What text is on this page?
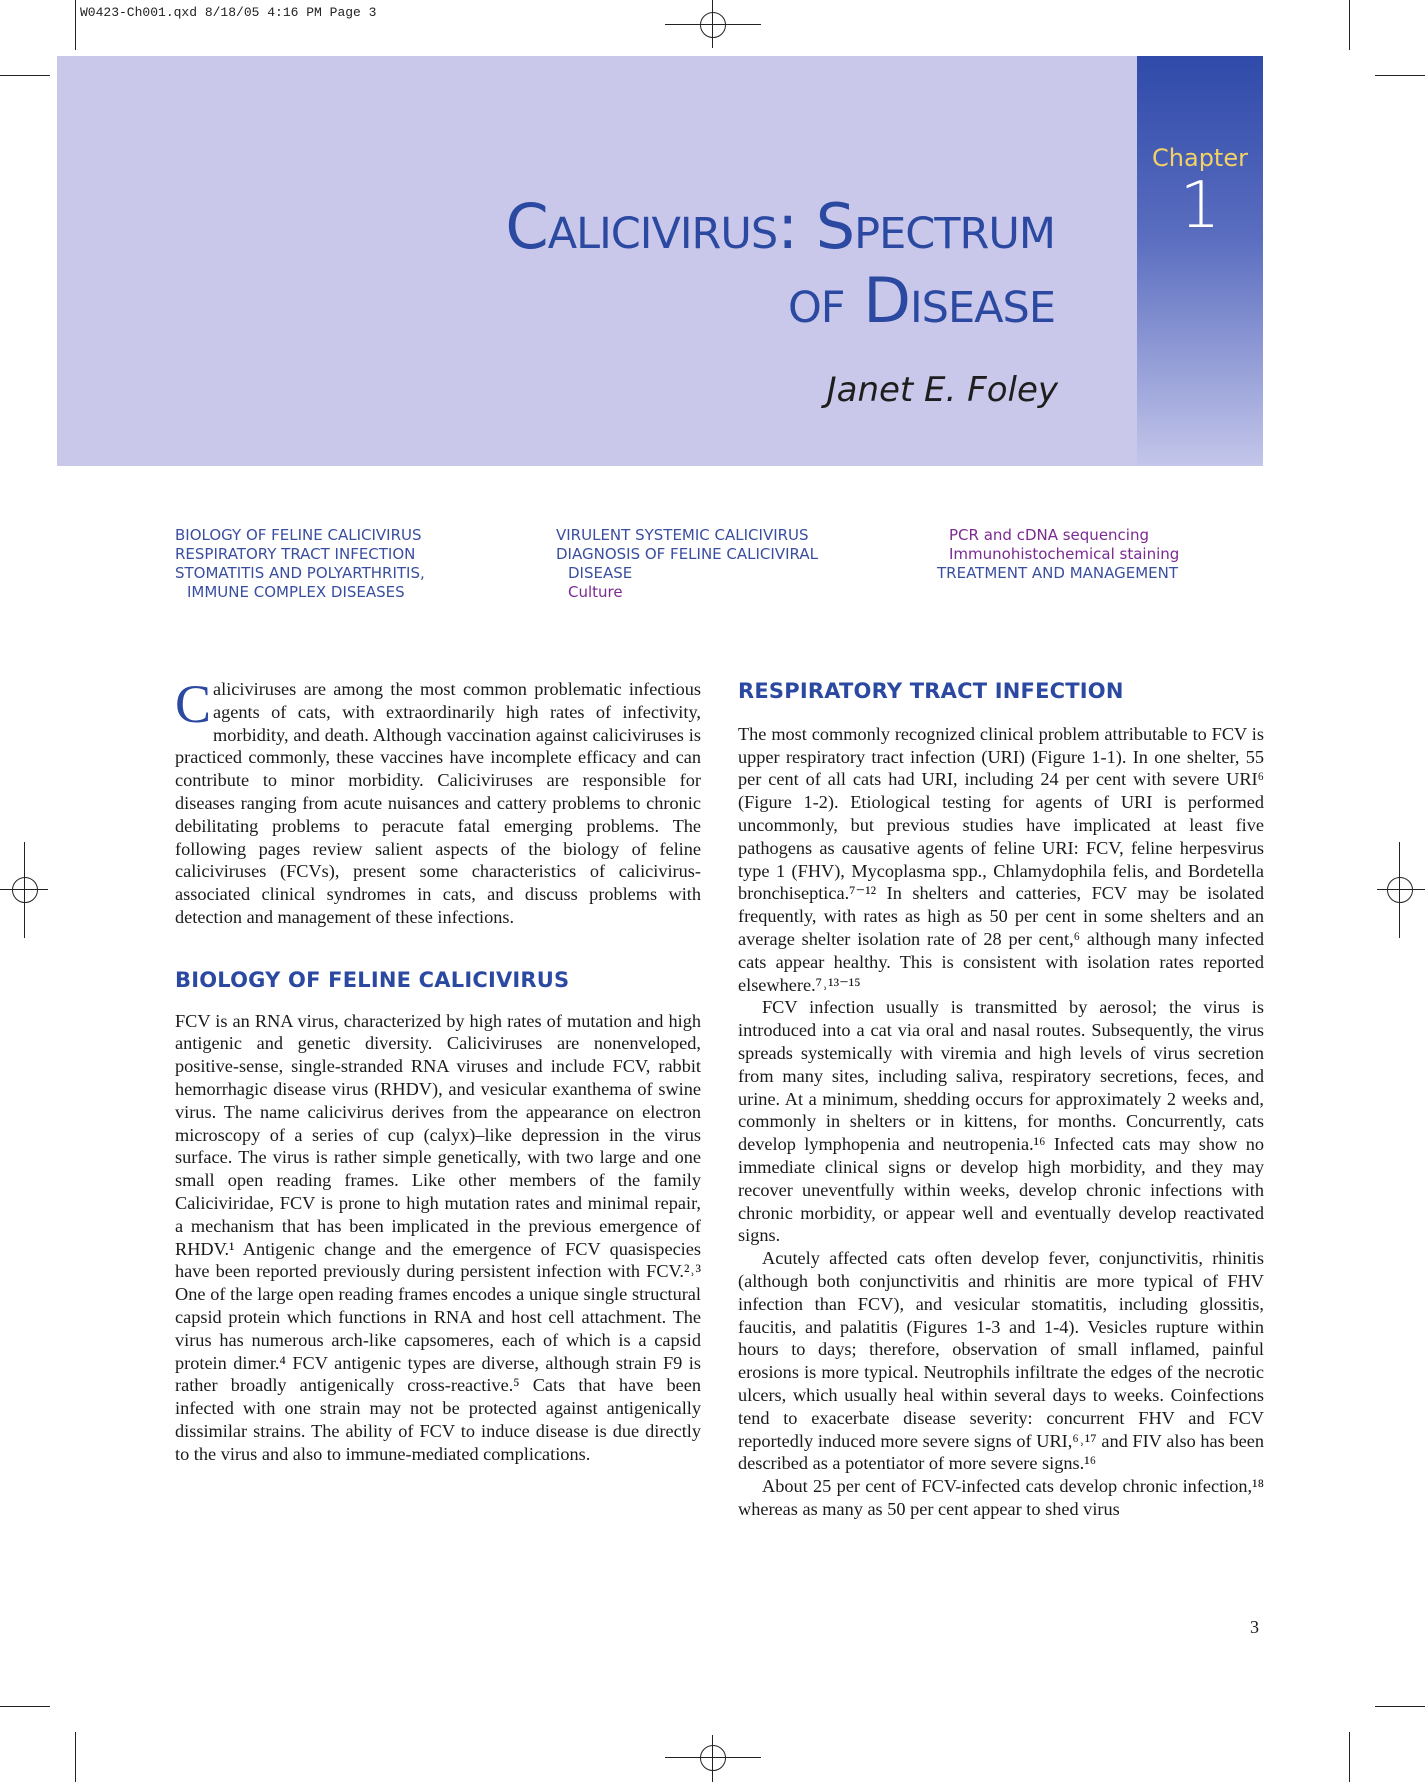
W0423-Ch001.qxd 8/18/05 4:16 PM Page 3
Chapter
1
Calicivirus: Spectrum
of Disease
Janet E. Foley
BIOLOGY OF FELINE CALICIVIRUS
RESPIRATORY TRACT INFECTION
STOMATITIS AND POLYARTHRITIS,
IMMUNE COMPLEX DISEASES
VIRULENT SYSTEMIC CALICIVIRUS
DIAGNOSIS OF FELINE CALICIVIRAL
DISEASE
Culture
PCR and cDNA sequencing
Immunohistochemical staining
TREATMENT AND MANAGEMENT

Caliciviruses are among the most common problematic infectious agents of cats, with extraordinarily high rates of infectivity, morbidity, and death. Although vaccination against caliciviruses is practiced commonly, these vaccines have incomplete efficacy and can contribute to minor morbidity. Caliciviruses are responsible for diseases ranging from acute nuisances and cattery problems to chronic debilitating problems to peracute fatal emerging problems. The following pages review salient aspects of the biology of feline caliciviruses (FCVs), present some characteristics of calicivirus-associated clinical syndromes in cats, and discuss problems with detection and management of these infections.

BIOLOGY OF FELINE CALICIVIRUS

FCV is an RNA virus, characterized by high rates of mutation and high antigenic and genetic diversity. Caliciviruses are nonenveloped, positive-sense, single-stranded RNA viruses and include FCV, rabbit hemorrhagic disease virus (RHDV), and vesicular exanthema of swine virus. The name calicivirus derives from the appearance on electron microscopy of a series of cup (calyx)–like depression in the virus surface. The virus is rather simple genetically, with two large and one small open reading frames. Like other members of the family Caliciviridae, FCV is prone to high mutation rates and minimal repair, a mechanism that has been implicated in the previous emergence of RHDV.¹ Antigenic change and the emergence of FCV quasispecies have been reported previously during persistent infection with FCV.²˒³ One of the large open reading frames encodes a unique single structural capsid protein which functions in RNA and host cell attachment. The virus has numerous arch-like capsomeres, each of which is a capsid protein dimer.⁴ FCV antigenic types are diverse, although strain F9 is rather broadly antigenically cross-reactive.⁵ Cats that have been infected with one strain may not be protected against antigenically dissimilar strains. The ability of FCV to induce disease is due directly to the virus and also to immune-mediated complications.

RESPIRATORY TRACT INFECTION

The most commonly recognized clinical problem attributable to FCV is upper respiratory tract infection (URI) (Figure 1-1). In one shelter, 55 per cent of all cats had URI, including 24 per cent with severe URI⁶ (Figure 1-2). Etiological testing for agents of URI is performed uncommonly, but previous studies have implicated at least five pathogens as causative agents of feline URI: FCV, feline herpesvirus type 1 (FHV), Mycoplasma spp., Chlamydophila felis, and Bordetella bronchiseptica.⁷⁻¹² In shelters and catteries, FCV may be isolated frequently, with rates as high as 50 per cent in some shelters and an average shelter isolation rate of 28 per cent,⁶ although many infected cats appear healthy. This is consistent with isolation rates reported elsewhere.⁷˒¹³⁻¹⁵

FCV infection usually is transmitted by aerosol; the virus is introduced into a cat via oral and nasal routes. Subsequently, the virus spreads systemically with viremia and high levels of virus secretion from many sites, including saliva, respiratory secretions, feces, and urine. At a minimum, shedding occurs for approximately 2 weeks and, commonly in shelters or in kittens, for months. Concurrently, cats develop lymphopenia and neutropenia.¹⁶ Infected cats may show no immediate clinical signs or develop high morbidity, and they may recover uneventfully within weeks, develop chronic infections with chronic morbidity, or appear well and eventually develop reactivated signs.

Acutely affected cats often develop fever, conjunctivitis, rhinitis (although both conjunctivitis and rhinitis are more typical of FHV infection than FCV), and vesicular stomatitis, including glossitis, faucitis, and palatitis (Figures 1-3 and 1-4). Vesicles rupture within hours to days; therefore, observation of small inflamed, painful erosions is more typical. Neutrophils infiltrate the edges of the necrotic ulcers, which usually heal within several days to weeks. Coinfections tend to exacerbate disease severity: concurrent FHV and FCV reportedly induced more severe signs of URI,⁶˒¹⁷ and FIV also has been described as a potentiator of more severe signs.¹⁶

About 25 per cent of FCV-infected cats develop chronic infection,¹⁸ whereas as many as 50 per cent appear to shed virus

3
